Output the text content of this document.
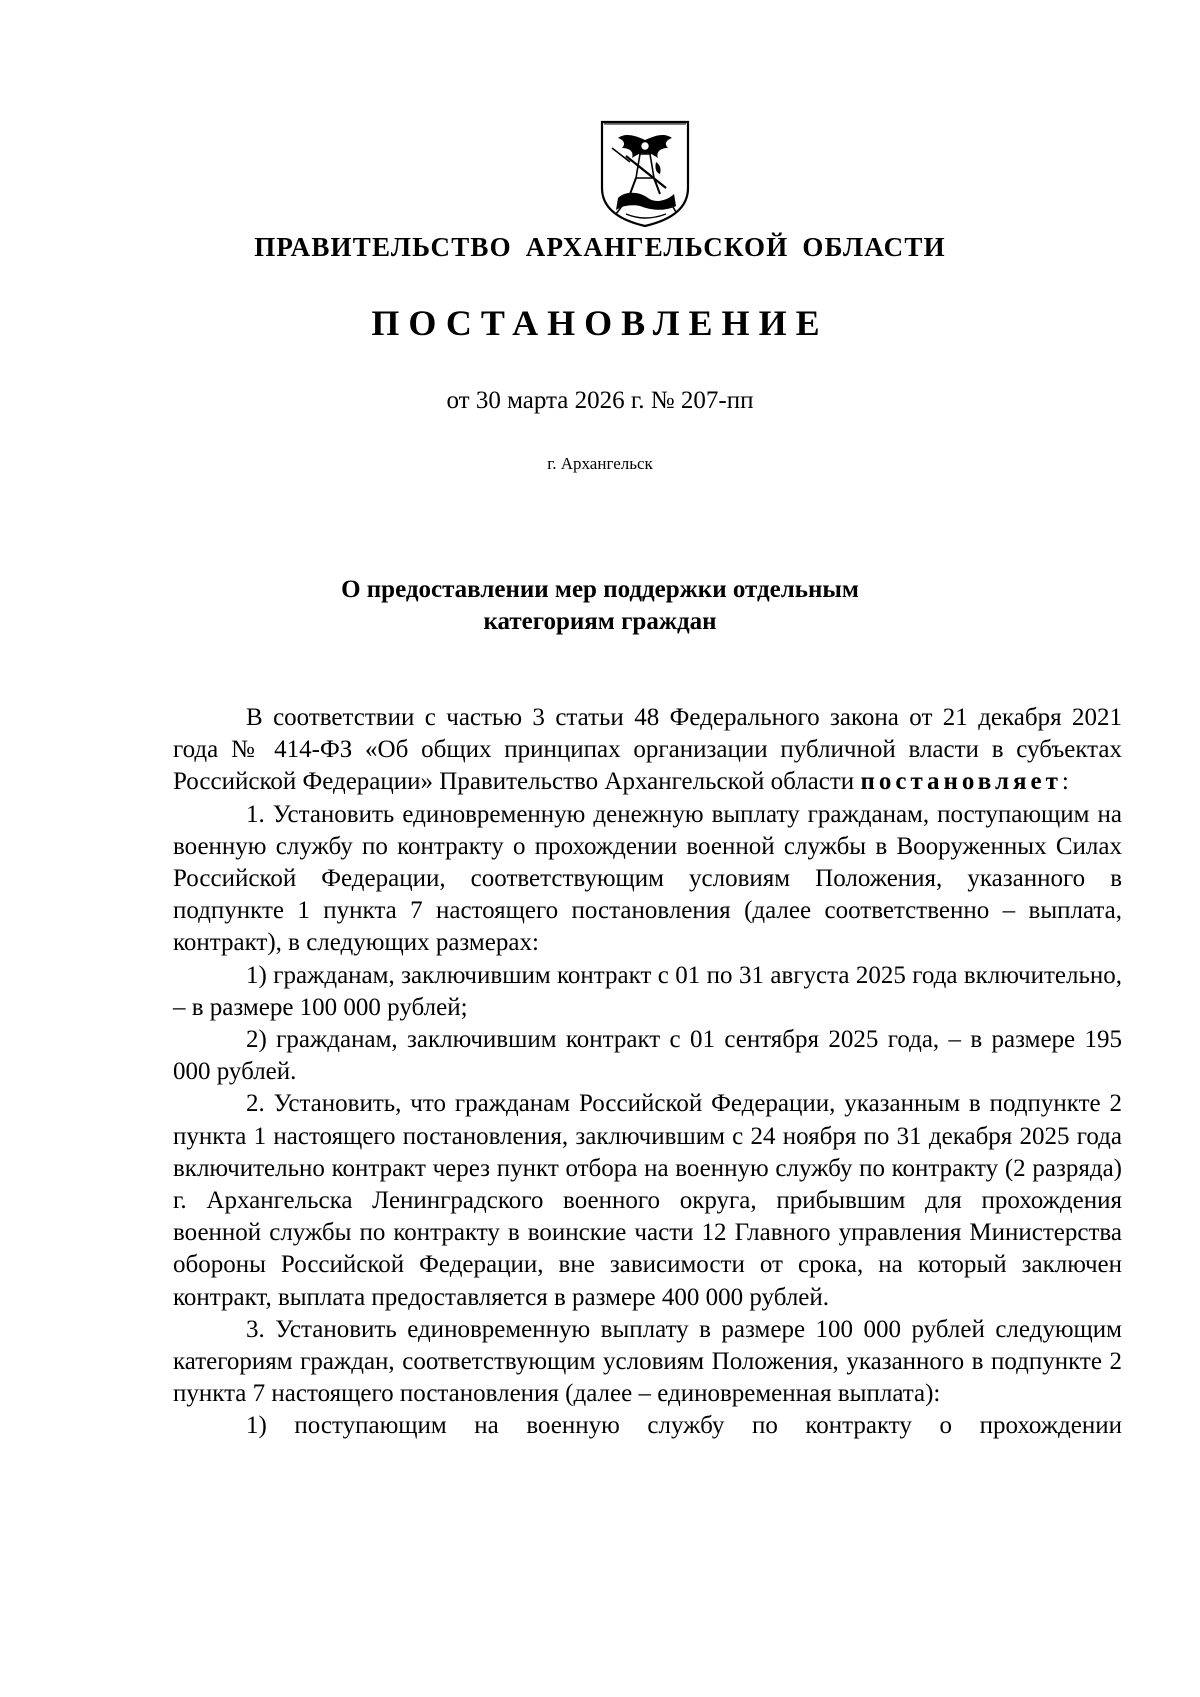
ПРАВИТЕЛЬСТВО АРХАНГЕЛЬСКОЙ ОБЛАСТИ
ПОСТАНОВЛЕНИЕ
от 30 марта 2026 г. № 207-пп
г. Архангельск
О предоставлении мер поддержки отдельным
категориям граждан

В соответствии с частью 3 статьи 48 Федерального закона от 21 декабря 2021 года № 414-ФЗ «Об общих принципах организации публичной власти в субъектах Российской Федерации» Правительство Архангельской области постановляет:

1. Установить единовременную денежную выплату гражданам, поступающим на военную службу по контракту о прохождении военной службы в Вооруженных Силах Российской Федерации, соответствующим условиям Положения, указанного в подпункте 1 пункта 7 настоящего постановления (далее соответственно – выплата, контракт), в следующих размерах:

1) гражданам, заключившим контракт с 01 по 31 августа 2025 года включительно, – в размере 100 000 рублей;

2) гражданам, заключившим контракт с 01 сентября 2025 года, – в размере 195 000 рублей.

2. Установить, что гражданам Российской Федерации, указанным в подпункте 2 пункта 1 настоящего постановления, заключившим с 24 ноября по 31 декабря 2025 года включительно контракт через пункт отбора на военную службу по контракту (2 разряда) г. Архангельска Ленинградского военного округа, прибывшим для прохождения военной службы по контракту в воинские части 12 Главного управления Министерства обороны Российской Федерации, вне зависимости от срока, на который заключен контракт, выплата предоставляется в размере 400 000 рублей.

3. Установить единовременную выплату в размере 100 000 рублей следующим категориям граждан, соответствующим условиям Положения, указанного в подпункте 2 пункта 7 настоящего постановления (далее – единовременная выплата):

1) поступающим на военную службу по контракту о прохождении
